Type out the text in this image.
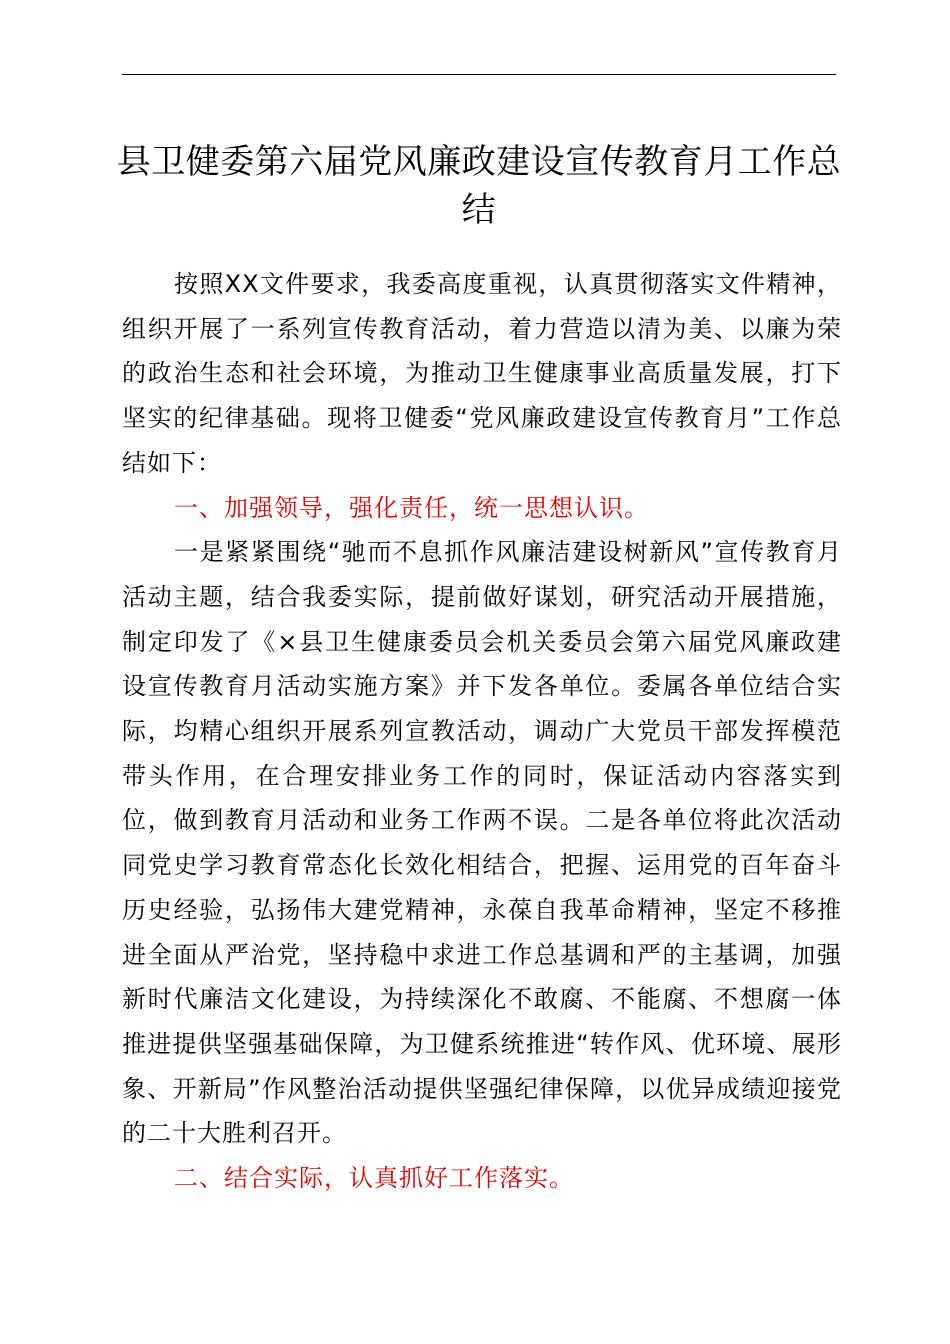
县卫健委第六届党风廉政建设宣传教育月工作总结

按照XX文件要求，我委高度重视，认真贯彻落实文件精神，组织开展了一系列宣传教育活动，着力营造以清为美、以廉为荣的政治生态和社会环境，为推动卫生健康事业高质量发展，打下坚实的纪律基础。现将卫健委“党风廉政建设宣传教育月”工作总结如下：

一、加强领导，强化责任，统一思想认识。

一是紧紧围绕“驰而不息抓作风廉洁建设树新风”宣传教育月活动主题，结合我委实际，提前做好谋划，研究活动开展措施，制定印发了《×县卫生健康委员会机关委员会第六届党风廉政建设宣传教育月活动实施方案》并下发各单位。委属各单位结合实际，均精心组织开展系列宣教活动，调动广大党员干部发挥模范带头作用，在合理安排业务工作的同时，保证活动内容落实到位，做到教育月活动和业务工作两不误。二是各单位将此次活动同党史学习教育常态化长效化相结合，把握、运用党的百年奋斗历史经验，弘扬伟大建党精神，永葆自我革命精神，坚定不移推进全面从严治党，坚持稳中求进工作总基调和严的主基调，加强新时代廉洁文化建设，为持续深化不敢腐、不能腐、不想腐一体推进提供坚强基础保障，为卫健系统推进“转作风、优环境、展形象、开新局”作风整治活动提供坚强纪律保障，以优异成绩迎接党的二十大胜利召开。

二、结合实际，认真抓好工作落实。
